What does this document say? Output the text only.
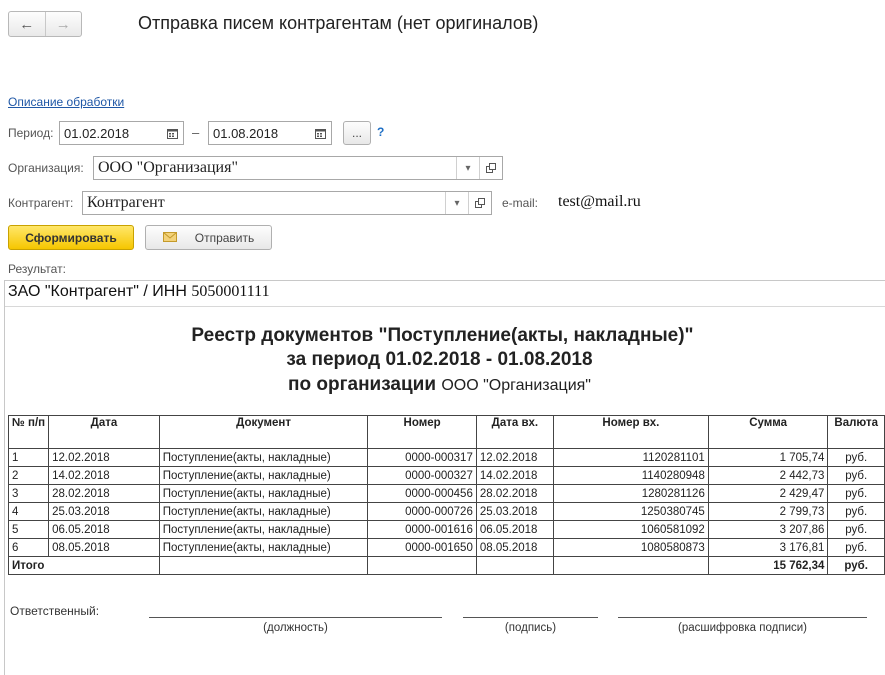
← →	Отправка писем контрагентам (нет оригиналов)
Описание обработки
Период: 01.02.2018	–	01.08.2018	...	?
Организация: ООО "Организация"	▾
Контрагент: Контрагент	▾	e-mail: test@mail.ru
Сформировать	Отправить
Результат:
ЗАО "Контрагент" / ИНН 5050001111
Реестр документов "Поступление(акты, накладные)"
за период 01.02.2018 - 01.08.2018
по организации ООО "Организация"
№ п/п	Дата	Документ	Номер	Дата вх.	Номер вх.	Сумма	Валюта
1	12.02.2018	Поступление(акты, накладные)	0000-000317	12.02.2018	1120281101	1 705,74	руб.
2	14.02.2018	Поступление(акты, накладные)	0000-000327	14.02.2018	1140280948	2 442,73	руб.
3	28.02.2018	Поступление(акты, накладные)	0000-000456	28.02.2018	1280281126	2 429,47	руб.
4	25.03.2018	Поступление(акты, накладные)	0000-000726	25.03.2018	1250380745	2 799,73	руб.
5	06.05.2018	Поступление(акты, накладные)	0000-001616	06.05.2018	1060581092	3 207,86	руб.
6	08.05.2018	Поступление(акты, накладные)	0000-001650	08.05.2018	1080580873	3 176,81	руб.
Итого						15 762,34	руб.
Ответственный:
(должность)	(подпись)	(расшифровка подписи)
